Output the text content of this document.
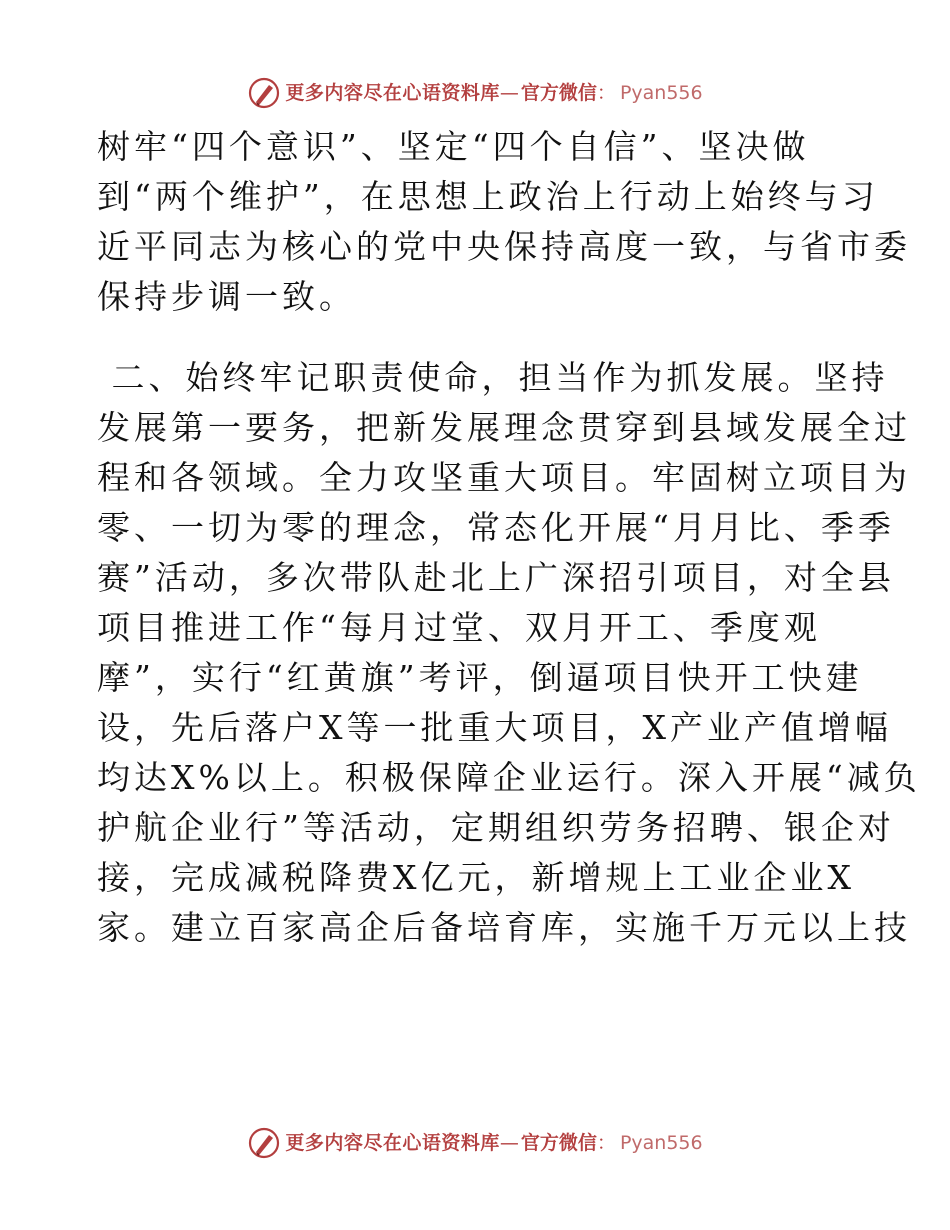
更多内容尽在心语资料库 — 官方微信 ： Pyan556

树牢“四个意识”、坚定“四个自信”、坚决做
到“两个维护”，在思想上政治上行动上始终与习
近平同志为核心的党中央保持高度一致，与省市委
保持步调一致。

二、始终牢记职责使命，担当作为抓发展。坚持
发展第一要务，把新发展理念贯穿到县域发展全过
程和各领域。全力攻坚重大项目。牢固树立项目为
零、一切为零的理念，常态化开展“月月比、季季
赛”活动，多次带队赴北上广深招引项目，对全县
项目推进工作“每月过堂、双月开工、季度观
摩”，实行“红黄旗”考评，倒逼项目快开工快建
设，先后落户X等一批重大项目，X产业产值增幅
均达X%以上。积极保障企业运行。深入开展“减负
护航企业行”等活动，定期组织劳务招聘、银企对
接，完成减税降费X亿元，新增规上工业企业X
家。建立百家高企后备培育库，实施千万元以上技

更多内容尽在心语资料库 — 官方微信 ： Pyan556
